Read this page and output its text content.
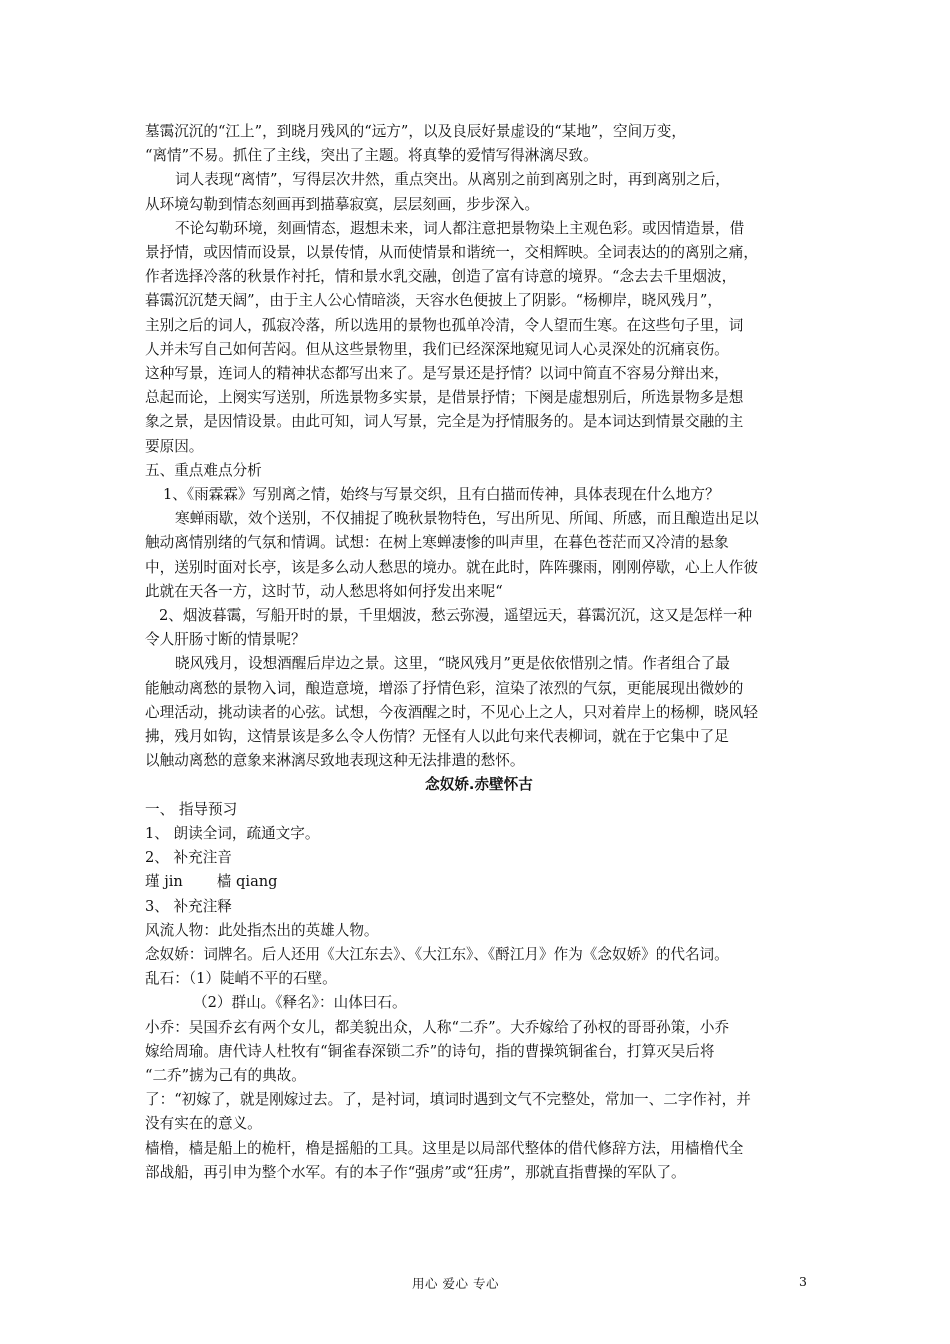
墓霭沉沉的“江上”，到晓月残风的“远方”，以及良辰好景虚设的“某地”，空间万变，

“离情”不易。抓住了主线，突出了主题。将真挚的爱情写得淋漓尽致。

词人表现“离情”，写得层次井然，重点突出。从离别之前到离别之时，再到离别之后，

从环境勾勒到情态刻画再到描摹寂寞，层层刻画，步步深入。

不论勾勒环境，刻画情态，遐想未来，词人都注意把景物染上主观色彩。或因情造景，借

景抒情，或因情而设景，以景传情，从而使情景和谐统一，交相辉映。全词表达的的离别之痛，

作者选择冷落的秋景作衬托，情和景水乳交融，创造了富有诗意的境界。“念去去千里烟波，

暮霭沉沉楚天阔”，由于主人公心情暗淡，天容水色便披上了阴影。“杨柳岸，晓风残月”，

主别之后的词人，孤寂冷落，所以选用的景物也孤单冷清，令人望而生寒。在这些句子里，词

人并未写自己如何苦闷。但从这些景物里，我们已经深深地窥见词人心灵深处的沉痛哀伤。

这种写景，连词人的精神状态都写出来了。是写景还是抒情？以词中简直不容易分辩出来，

总起而论，上阕实写送别，所选景物多实景，是借景抒情；下阕是虚想别后，所选景物多是想

象之景，是因情设景。由此可知，词人写景，完全是为抒情服务的。是本词达到情景交融的主

要原因。

五、重点难点分析

1、《雨霖霖》写别离之情，始终与写景交织，且有白描而传神，具体表现在什么地方？

寒蝉雨歇，效个送别，不仅捕捉了晚秋景物特色，写出所见、所闻、所感，而且酿造出足以

触动离情别绪的气氛和情调。试想：在树上寒蝉凄惨的叫声里，在暮色苍茫而又冷清的悬象

中，送别时面对长亭，该是多么动人愁思的境办。就在此时，阵阵骤雨，刚刚停歇，心上人作彼

此就在天各一方，这时节，动人愁思将如何抒发出来呢“

2、烟波暮霭，写船开时的景，千里烟波，愁云弥漫，遥望远天，暮霭沉沉，这又是怎样一种

令人肝肠寸断的情景呢？

晓风残月，设想酒醒后岸边之景。这里，“晓风残月”更是依依惜别之情。作者组合了最

能触动离愁的景物入词，酿造意境，增添了抒情色彩，渲染了浓烈的气氛，更能展现出微妙的

心理活动，挑动读者的心弦。试想，今夜酒醒之时，不见心上之人，只对着岸上的杨柳，晓风轻

拂，残月如钩，这情景该是多么令人伤情？无怪有人以此句来代表柳词，就在于它集中了足

以触动离愁的意象来淋漓尽致地表现这种无法排遣的愁怀。

念奴娇.赤壁怀古

一、 指导预习

1、 朗读全词，疏通文字。

2、 补充注音

瑾 jin 樯 qiang

3、 补充注释

风流人物：此处指杰出的英雄人物。

念奴娇：词牌名。后人还用《大江东去》、《大江东》、《酹江月》作为《念奴娇》的代名词。

乱石：（1）陡峭不平的石壁。

（2）群山。《释名》：山体曰石。

小乔：吴国乔玄有两个女儿，都美貌出众，人称“二乔”。大乔嫁给了孙权的哥哥孙策，小乔

嫁给周瑜。唐代诗人杜牧有“铜雀春深锁二乔”的诗句，指的曹操筑铜雀台，打算灭吴后将

“二乔”掳为己有的典故。

了：“初嫁了，就是刚嫁过去。了，是衬词，填词时遇到文气不完整处，常加一、二字作衬，并

没有实在的意义。

樯橹，樯是船上的桅杆，橹是摇船的工具。这里是以局部代整体的借代修辞方法，用樯橹代全

部战船，再引申为整个水军。有的本子作“强虏”或“狂虏”，那就直指曹操的军队了。

用心 爱心 专心	3
